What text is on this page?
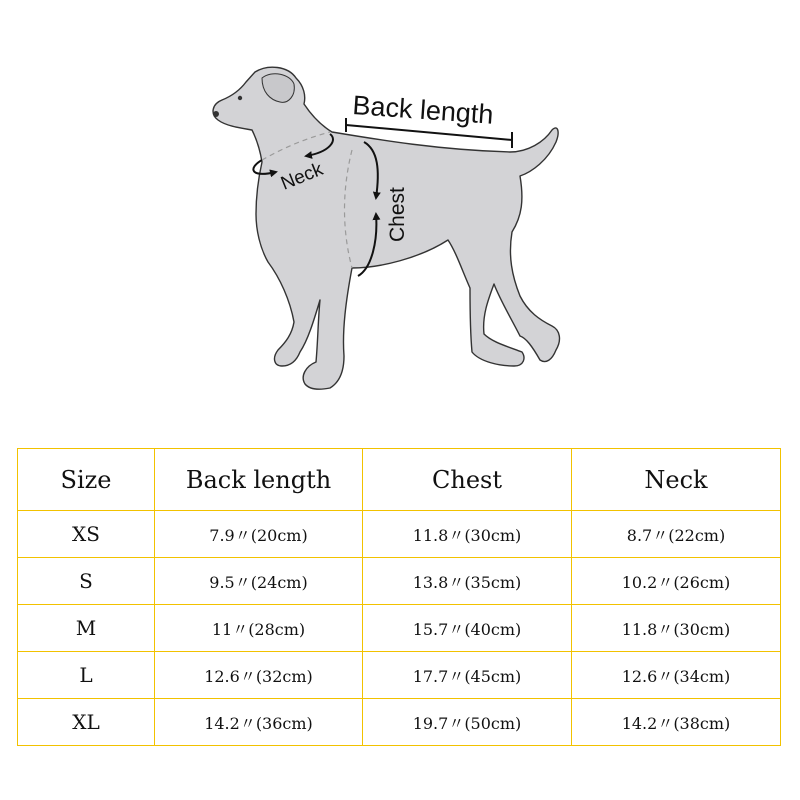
Back length
Neck
Chest
Size	Back length	Chest	Neck
XS	7.9〃(20cm)	11.8〃(30cm)	8.7〃(22cm)
S	9.5〃(24cm)	13.8〃(35cm)	10.2〃(26cm)
M	11〃(28cm)	15.7〃(40cm)	11.8〃(30cm)
L	12.6〃(32cm)	17.7〃(45cm)	12.6〃(34cm)
XL	14.2〃(36cm)	19.7〃(50cm)	14.2〃(38cm)
